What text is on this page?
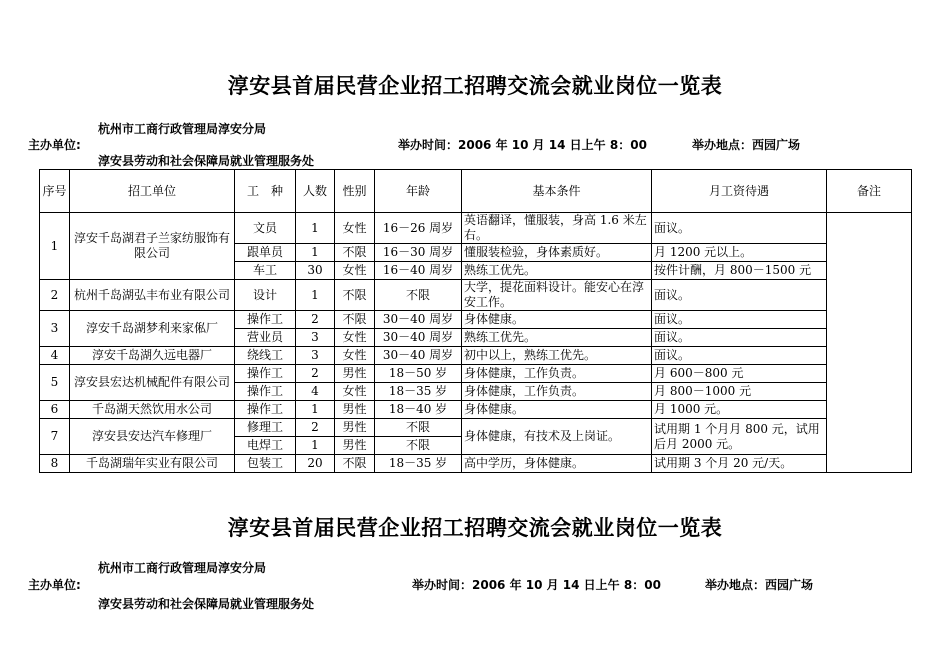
淳安县首届民营企业招工招聘交流会就业岗位一览表
杭州市工商行政管理局淳安分局
主办单位:	举办时间：2006 年 10 月 14 日上午 8：00	举办地点：西园广场
淳安县劳动和社会保障局就业管理服务处
序号	招工单位	工　种	人数	性别	年龄	基本条件	月工资待遇	备注
1	淳安千岛湖君子兰家纺服饰有限公司	文员	1	女性	16－26 周岁	英语翻译，懂服装，身高 1.6 米左右。	面议。	
		跟单员	1	不限	16－30 周岁	懂服装检验，身体素质好。	月 1200 元以上。	
		车工	30	女性	16－40 周岁	熟练工优先。	按件计酬，月 800－1500 元	
2	杭州千岛湖弘丰布业有限公司	设计	1	不限	不限	大学，提花面料设计。能安心在淳安工作。	面议。	
3	淳安千岛湖梦利来家俬厂	操作工	2	不限	30－40 周岁	身体健康。	面议。	
		营业员	3	女性	30－40 周岁	熟练工优先。	面议。	
4	淳安千岛湖久远电器厂	绕线工	3	女性	30－40 周岁	初中以上，熟练工优先。	面议。	
5	淳安县宏达机械配件有限公司	操作工	2	男性	18－50 岁	身体健康，工作负责。	月 600－800 元	
		操作工	4	女性	18－35 岁	身体健康，工作负责。	月 800－1000 元	
6	千岛湖天然饮用水公司	操作工	1	男性	18－40 岁	身体健康。	月 1000 元。	
7	淳安县安达汽车修理厂	修理工	2	男性	不限	身体健康，有技术及上岗证。	试用期 1 个月月 800 元，试用后月 2000 元。	
		电焊工	1	男性	不限			
8	千岛湖瑞年实业有限公司	包装工	20	不限	18－35 岁	高中学历，身体健康。	试用期 3 个月 20 元/天。	
淳安县首届民营企业招工招聘交流会就业岗位一览表
杭州市工商行政管理局淳安分局
主办单位:	举办时间：2006 年 10 月 14 日上午 8：00	举办地点：西园广场
淳安县劳动和社会保障局就业管理服务处
